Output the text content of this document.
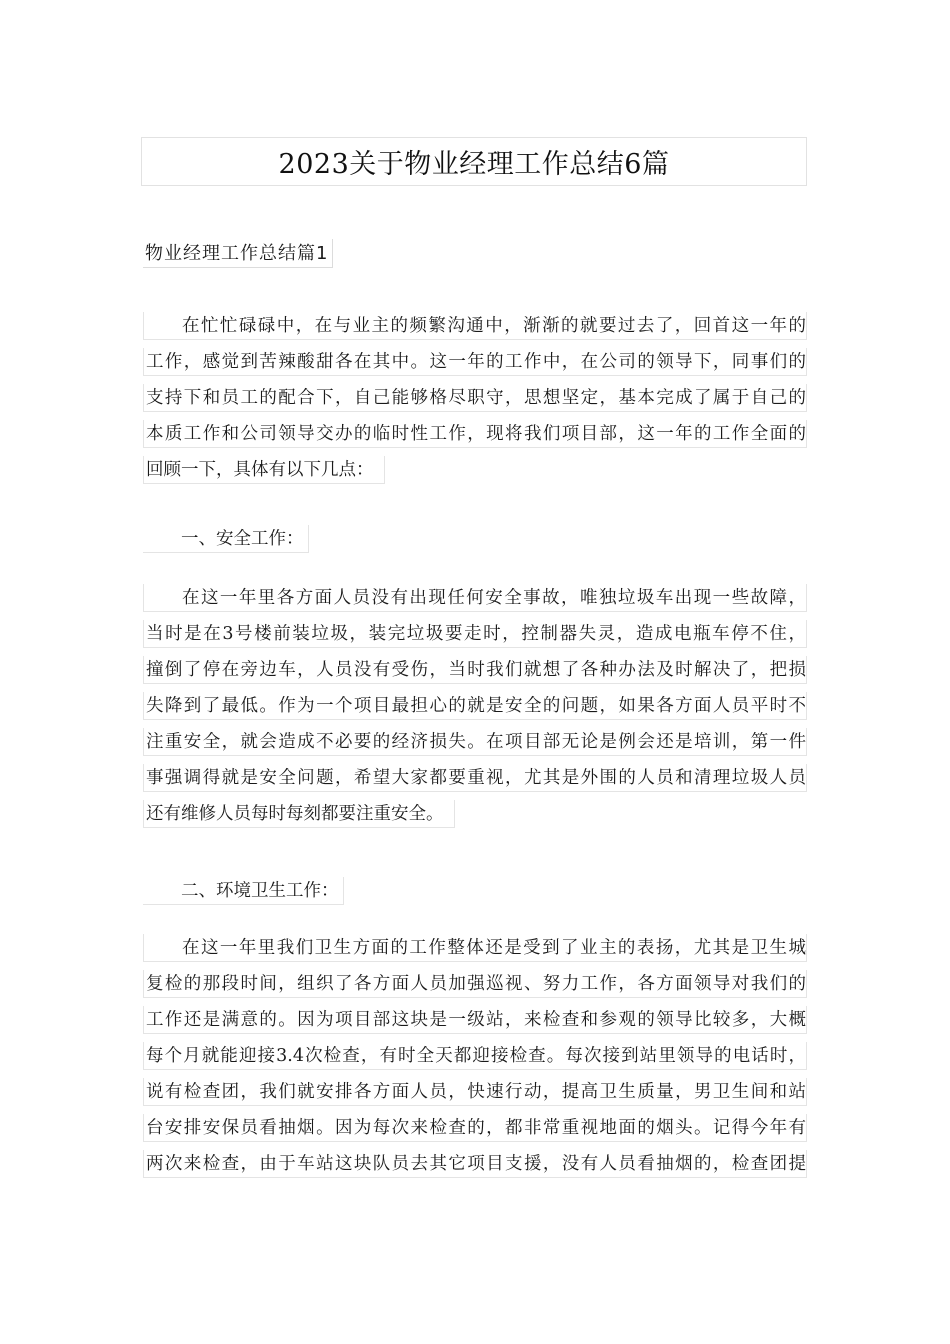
2023关于物业经理工作总结6篇
物业经理工作总结篇1
在忙忙碌碌中，在与业主的频繁沟通中，渐渐的就要过去了，回首这一年的
工作，感觉到苦辣酸甜各在其中。这一年的工作中，在公司的领导下，同事们的
支持下和员工的配合下，自己能够格尽职守，思想坚定，基本完成了属于自己的
本质工作和公司领导交办的临时性工作，现将我们项目部，这一年的工作全面的
回顾一下，具体有以下几点：
一、安全工作：
在这一年里各方面人员没有出现任何安全事故，唯独垃圾车出现一些故障，
当时是在3号楼前装垃圾，装完垃圾要走时，控制器失灵，造成电瓶车停不住，
撞倒了停在旁边车，人员没有受伤，当时我们就想了各种办法及时解决了，把损
失降到了最低。作为一个项目最担心的就是安全的问题，如果各方面人员平时不
注重安全，就会造成不必要的经济损失。在项目部无论是例会还是培训，第一件
事强调得就是安全问题，希望大家都要重视，尤其是外围的人员和清理垃圾人员
还有维修人员每时每刻都要注重安全。
二、环境卫生工作：
在这一年里我们卫生方面的工作整体还是受到了业主的表扬，尤其是卫生城
复检的那段时间，组织了各方面人员加强巡视、努力工作，各方面领导对我们的
工作还是满意的。因为项目部这块是一级站，来检查和参观的领导比较多，大概
每个月就能迎接3.4次检查，有时全天都迎接检查。每次接到站里领导的电话时，
说有检查团，我们就安排各方面人员，快速行动，提高卫生质量，男卫生间和站
台安排安保员看抽烟。因为每次来检查的，都非常重视地面的烟头。记得今年有
两次来检查，由于车站这块队员去其它项目支援，没有人员看抽烟的，检查团提
